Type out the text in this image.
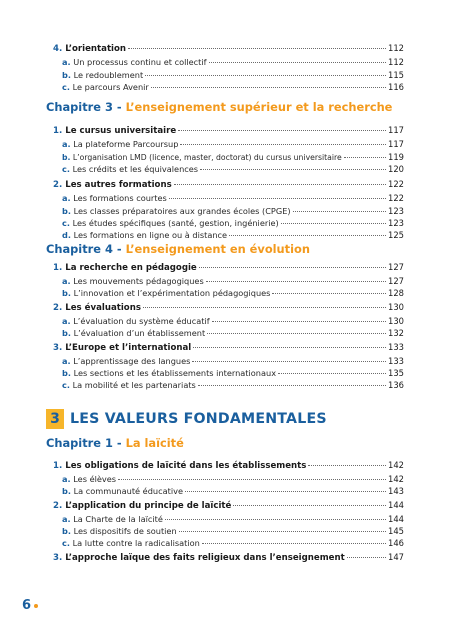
4. L’orientation	112
a. Un processus continu et collectif	112
b. Le redoublement	115
c. Le parcours Avenir	116
Chapitre 3 - L’enseignement supérieur et la recherche
1. Le cursus universitaire	117
a. La plateforme Parcoursup	117
b. L’organisation LMD (licence, master, doctorat) du cursus universitaire	119
c. Les crédits et les équivalences	120
2. Les autres formations	122
a. Les formations courtes	122
b. Les classes préparatoires aux grandes écoles (CPGE)	123
c. Les études spécifiques (santé, gestion, ingénierie)	123
d. Les formations en ligne ou à distance	125
Chapitre 4 - L’enseignement en évolution
1. La recherche en pédagogie	127
a. Les mouvements pédagogiques	127
b. L’innovation et l’expérimentation pédagogiques	128
2. Les évaluations	130
a. L’évaluation du système éducatif	130
b. L’évaluation d’un établissement	132
3. L’Europe et l’international	133
a. L’apprentissage des langues	133
b. Les sections et les établissements internationaux	135
c. La mobilité et les partenariats	136
3 LES VALEURS FONDAMENTALES
Chapitre 1 - La laïcité
1. Les obligations de laïcité dans les établissements	142
a. Les élèves	142
b. La communauté éducative	143
2. L’application du principe de laïcité	144
a. La Charte de la laïcité	144
b. Les dispositifs de soutien	145
c. La lutte contre la radicalisation	146
3. L’approche laïque des faits religieux dans l’enseignement	147
6
